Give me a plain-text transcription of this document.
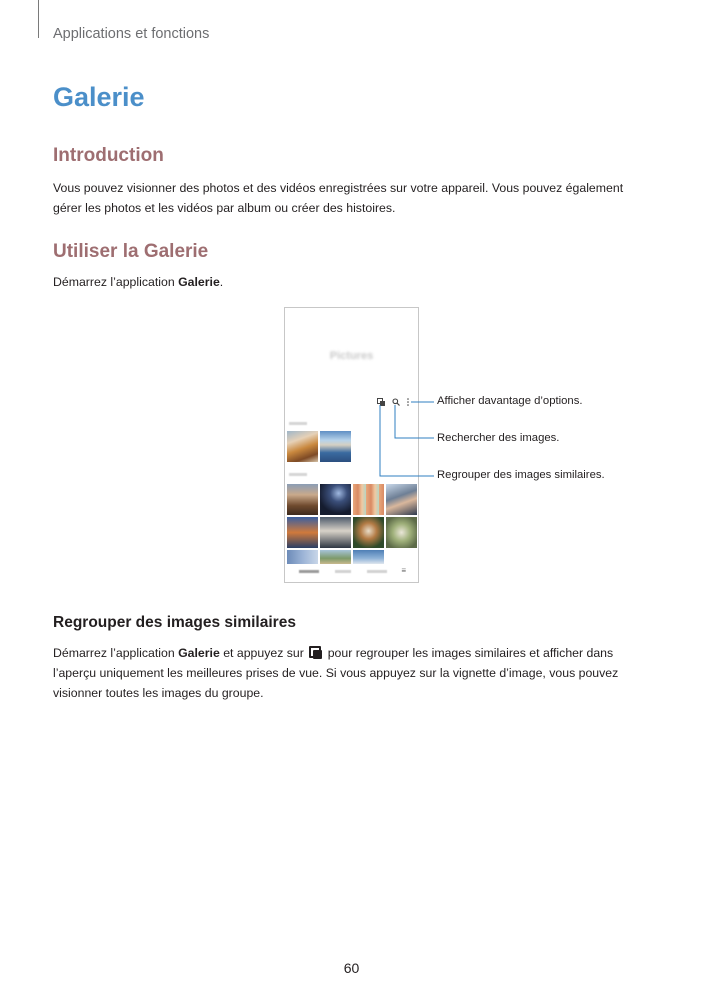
Applications et fonctions
Galerie
Introduction

Vous pouvez visionner des photos et des vidéos enregistrées sur votre appareil. Vous pouvez également gérer les photos et les vidéos par album ou créer des histoires.

Utiliser la Galerie

Démarrez l’application Galerie.

Pictures
≡
Afficher davantage d’options.
Rechercher des images.
Regrouper des images similaires.
Regrouper des images similaires

Démarrez l’application Galerie et appuyez sur  pour regrouper les images similaires et afficher dans l’aperçu uniquement les meilleures prises de vue. Si vous appuyez sur la vignette d’image, vous pouvez visionner toutes les images du groupe.

60
